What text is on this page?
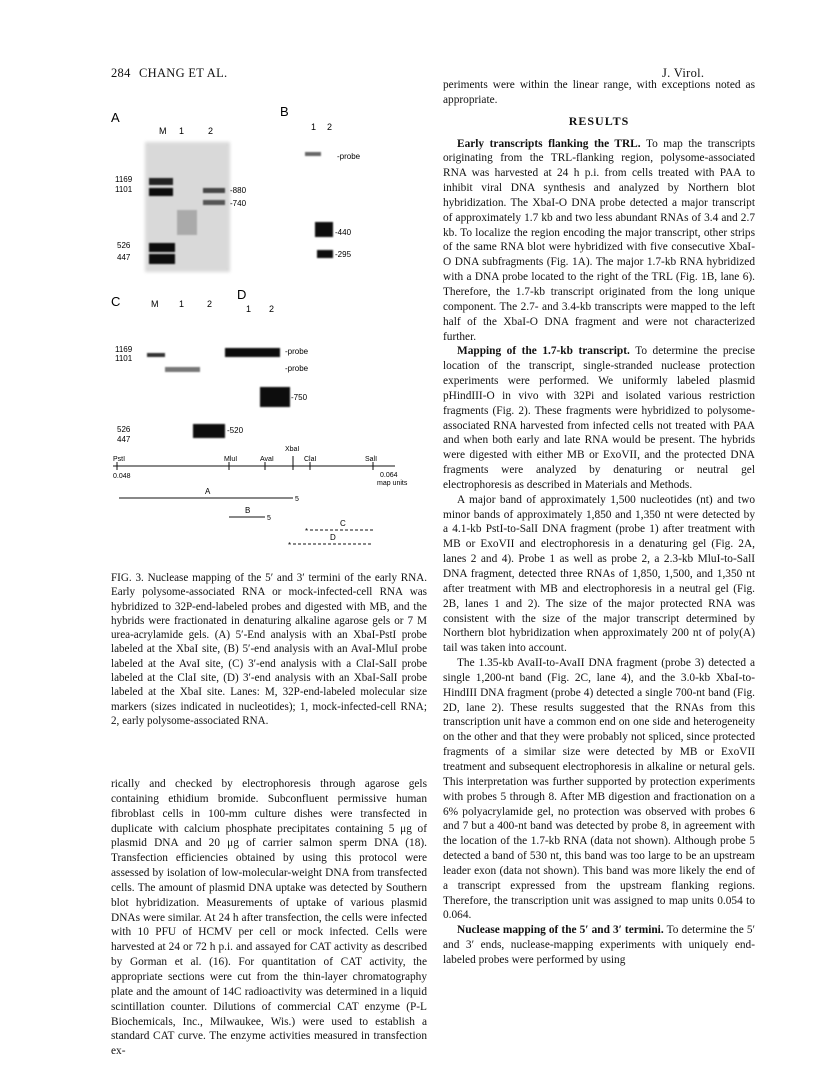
284 CHANG ET AL.	J. Virol.
A
M 1	2
1169
1101
526
447
-880
-740
B
1 2
-probe
-440
-295
C	M 1	2
1169
1101
526
447
D
1 2
-probe
-probe
-750
-520
XbaI
PstI	MluI	AvaI	ClaI	SalI
0.048	0.064
map units
A
5
B
5
C
*
D
*
FIG. 3. Nuclease mapping of the 5′ and 3′ termini of the early RNA. Early polysome-associated RNA or mock-infected-cell RNA was hybridized to 32P-end-labeled probes and digested with MB, and the hybrids were fractionated in denaturing alkaline agarose gels or 7 M urea-acrylamide gels. (A) 5′-End analysis with an XbaI-PstI probe labeled at the XbaI site, (B) 5′-end analysis with an AvaI-MluI probe labeled at the AvaI site, (C) 3′-end analysis with a ClaI-SalI probe labeled at the ClaI site, (D) 3′-end analysis with an XbaI-SalI probe labeled at the XbaI site. Lanes: M, 32P-end-labeled molecular size markers (sizes indicated in nucleotides); 1, mock-infected-cell RNA; 2, early polysome-associated RNA.
rically and checked by electrophoresis through agarose gels containing ethidium bromide. Subconfluent permissive human fibroblast cells in 100-mm culture dishes were transfected in duplicate with calcium phosphate precipitates containing 5 μg of plasmid DNA and 20 μg of carrier salmon sperm DNA (18). Transfection efficiencies obtained by using this protocol were assessed by isolation of low-molecular-weight DNA from transfected cells. The amount of plasmid DNA uptake was detected by Southern blot hybridization. Measurements of uptake of various plasmid DNAs were similar. At 24 h after transfection, the cells were infected with 10 PFU of HCMV per cell or mock infected. Cells were harvested at 24 or 72 h p.i. and assayed for CAT activity as described by Gorman et al. (16). For quantitation of CAT activity, the appropriate sections were cut from the thin-layer chromatography plate and the amount of 14C radioactivity was determined in a liquid scintillation counter. Dilutions of commercial CAT enzyme (P-L Biochemicals, Inc., Milwaukee, Wis.) were used to establish a standard CAT curve. The enzyme activities measured in transfection ex-

periments were within the linear range, with exceptions noted as appropriate.

RESULTS

Early transcripts flanking the TRL. To map the transcripts originating from the TRL-flanking region, polysome-associated RNA was harvested at 24 h p.i. from cells treated with PAA to inhibit viral DNA synthesis and analyzed by Northern blot hybridization. The XbaI-O DNA probe detected a major transcript of approximately 1.7 kb and two less abundant RNAs of 3.4 and 2.7 kb. To localize the region encoding the major transcript, other strips of the same RNA blot were hybridized with five consecutive XbaI-O DNA subfragments (Fig. 1A). The major 1.7-kb RNA hybridized with a DNA probe located to the right of the TRL (Fig. 1B, lane 6). Therefore, the 1.7-kb transcript originated from the long unique component. The 2.7- and 3.4-kb transcripts were mapped to the left half of the XbaI-O DNA fragment and were not characterized further.

Mapping of the 1.7-kb transcript. To determine the precise location of the transcript, single-stranded nuclease protection experiments were performed. We uniformly labeled plasmid pHindIII-O in vivo with 32Pi and isolated various restriction fragments (Fig. 2). These fragments were hybridized to polysome-associated RNA harvested from infected cells not treated with PAA and when both early and late RNA would be present. The hybrids were digested with either MB or ExoVII, and the protected DNA fragments were analyzed by denaturing or neutral gel electrophoresis as described in Materials and Methods.

A major band of approximately 1,500 nucleotides (nt) and two minor bands of approximately 1,850 and 1,350 nt were detected by a 4.1-kb PstI-to-SalI DNA fragment (probe 1) after treatment with MB or ExoVII and electrophoresis in a denaturing gel (Fig. 2A, lanes 2 and 4). Probe 1 as well as probe 2, a 2.3-kb MluI-to-SalI DNA fragment, detected three RNAs of 1,850, 1,500, and 1,350 nt after treatment with MB and electrophoresis in a neutral gel (Fig. 2B, lanes 1 and 2). The size of the major protected RNA was consistent with the size of the major transcript determined by Northern blot hybridization when approximately 200 nt of poly(A) tail was taken into account.

The 1.35-kb AvaII-to-AvaII DNA fragment (probe 3) detected a single 1,200-nt band (Fig. 2C, lane 4), and the 3.0-kb XbaI-to-HindIII DNA fragment (probe 4) detected a single 700-nt band (Fig. 2D, lane 2). These results suggested that the RNAs from this transcription unit have a common end on one side and heterogeneity on the other and that they were probably not spliced, since protected fragments of a similar size were detected by MB or ExoVII treatment and subsequent electrophoresis in alkaline or netural gels. This interpretation was further supported by protection experiments with probes 5 through 8. After MB digestion and fractionation on a 6% polyacrylamide gel, no protection was observed with probes 6 and 7 but a 400-nt band was detected by probe 8, in agreement with the location of the 1.7-kb RNA (data not shown). Although probe 5 detected a band of 530 nt, this band was too large to be an upstream leader exon (data not shown). This band was more likely the end of a transcript expressed from the upstream flanking regions. Therefore, the transcription unit was assigned to map units 0.054 to 0.064.

Nuclease mapping of the 5′ and 3′ termini. To determine the 5′ and 3′ ends, nuclease-mapping experiments with uniquely end-labeled probes were performed by using
